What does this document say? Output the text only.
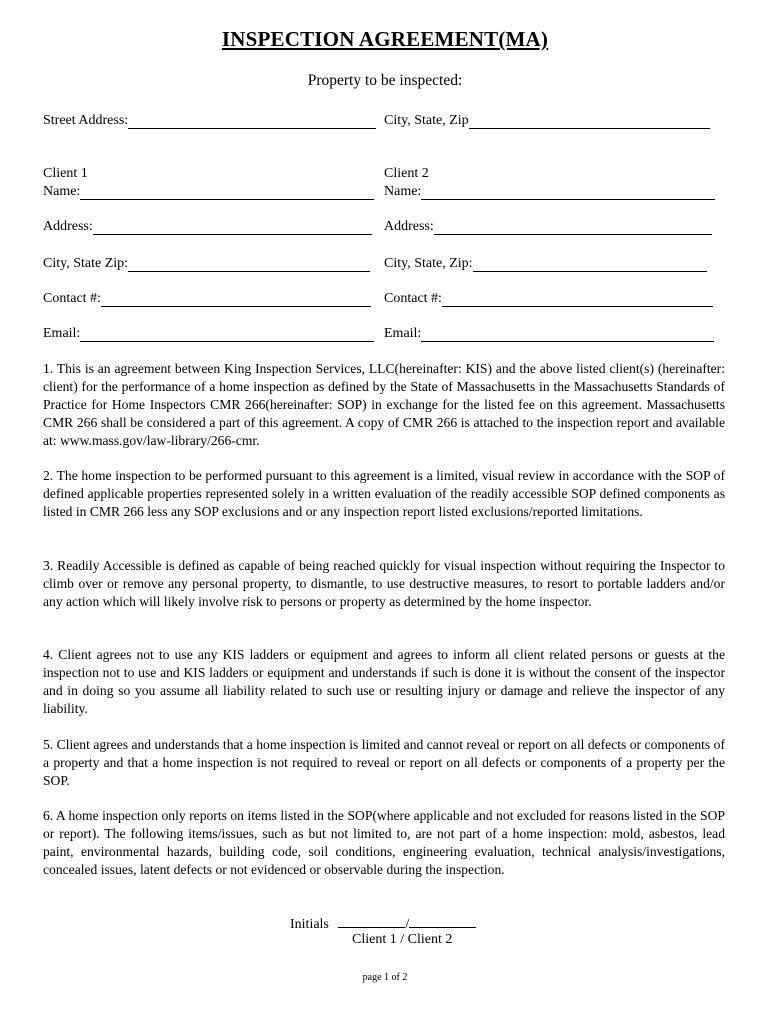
INSPECTION AGREEMENT(MA)
Property to be inspected:
Street Address:	City, State, Zip
Client 1	Client 2
Name:	Name:
Address:	Address:
City, State Zip:	City, State, Zip:
Contact #:	Contact #:
Email:	Email:
1. This is an agreement between King Inspection Services, LLC(hereinafter: KIS) and the above listed client(s) (hereinafter: client) for the performance of a home inspection as defined by the State of Massachusetts in the Massachusetts Standards of Practice for Home Inspectors CMR 266(hereinafter: SOP) in exchange for the listed fee on this agreement. Massachusetts CMR 266 shall be considered a part of this agreement. A copy of CMR 266 is attached to the inspection report and available at: www.mass.gov/law-library/266-cmr.
2. The home inspection to be performed pursuant to this agreement is a limited, visual review in accordance with the SOP of defined applicable properties represented solely in a written evaluation of the readily accessible SOP defined components as listed in CMR 266 less any SOP exclusions and or any inspection report listed exclusions/reported limitations.
3. Readily Accessible is defined as capable of being reached quickly for visual inspection without requiring the Inspector to climb over or remove any personal property, to dismantle, to use destructive measures, to resort to portable ladders and/or any action which will likely involve risk to persons or property as determined by the home inspector.
4. Client agrees not to use any KIS ladders or equipment and agrees to inform all client related persons or guests at the inspection not to use and KIS ladders or equipment and understands if such is done it is without the consent of the inspector and in doing so you assume all liability related to such use or resulting injury or damage and relieve the inspector of any liability.
5. Client agrees and understands that a home inspection is limited and cannot reveal or report on all defects or components of a property and that a home inspection is not required to reveal or report on all defects or components of a property per the SOP.
6. A home inspection only reports on items listed in the SOP(where applicable and not excluded for reasons listed in the SOP or report). The following items/issues, such as but not limited to, are not part of a home inspection: mold, asbestos, lead paint, environmental hazards, building code, soil conditions, engineering evaluation, technical analysis/investigations, concealed issues, latent defects or not evidenced or observable during the inspection.
Initials	/
Client 1 / Client 2
page 1 of 2
